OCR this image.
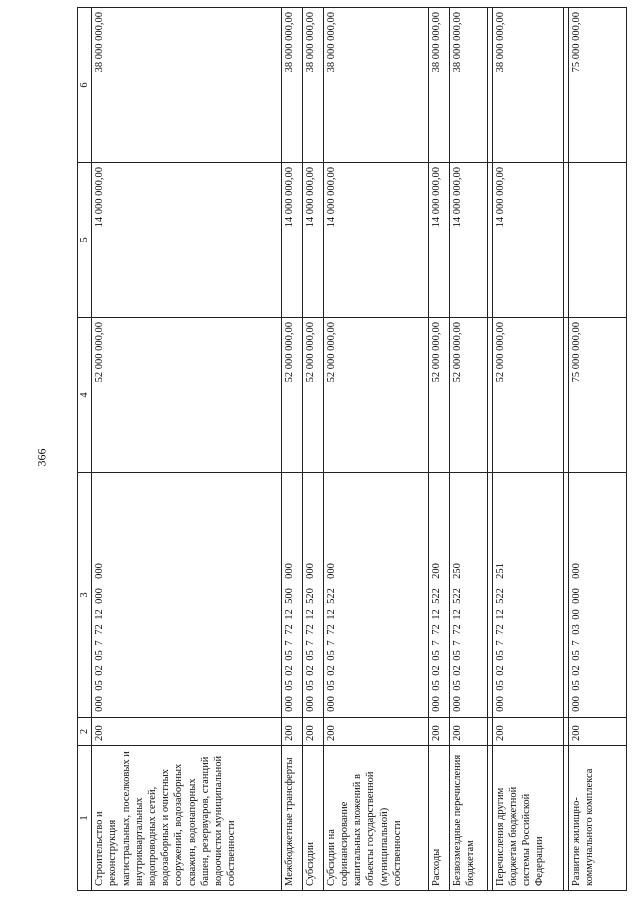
366
1	2	3	4	5	6
Строительство и реконструкция магистральных, поселковых и внутриквартальных водопроводных сетей, водозаборных и очистных сооружений, водозаборных скважин, водонапорных башен, резервуаров, станций водоочистки муниципальной собственности	200	00005020577212000000	52 000 000,00	14 000 000,00	38 000 000,00
Межбюджетные трансферты	200	00005020577212500000	52 000 000,00	14 000 000,00	38 000 000,00
Субсидии	200	00005020577212520000	52 000 000,00	14 000 000,00	38 000 000,00
Субсидии на софинансирование капитальных вложений в объекты государственной (муниципальной) собственности	200	00005020577212522000	52 000 000,00	14 000 000,00	38 000 000,00
Расходы	200	00005020577212522200	52 000 000,00	14 000 000,00	38 000 000,00
Безвозмездные перечисления бюджетам	200	00005020577212522250	52 000 000,00	14 000 000,00	38 000 000,00

Перечисления другим бюджетам бюджетной системы Российской Федерации	200	00005020577212522251	52 000 000,00	14 000 000,00	38 000 000,00

Развитие жилищно-коммунального комплекса	200	00005020570300000000	75 000 000,00		75 000 000,00
